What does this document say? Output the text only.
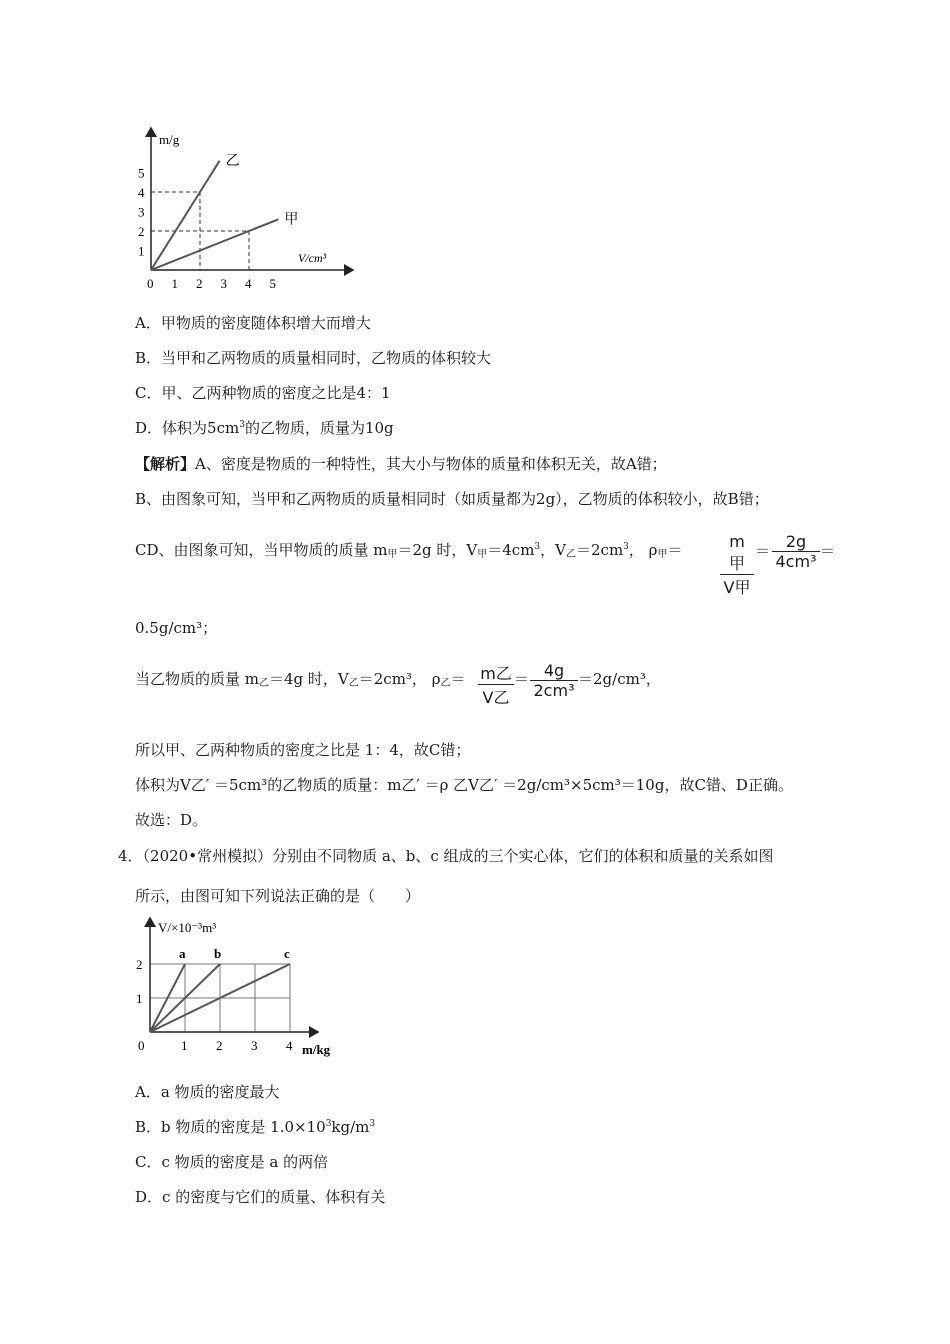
乙
甲
0 1 2 3 4 5
1
2
3
4
5
m/g
V/cm³
A．甲物质的密度随体积增大而增大
B．当甲和乙两物质的质量相同时，乙物质的体积较大
C．甲、乙两种物质的密度之比是4：1
D．体积为$5cm^3$的乙物质，质量为10g
【解析】A、密度是物质的一种特性，其大小与物体的质量和体积无关，故A错；
B、由图象可知，当甲和乙两物质的质量相同时（如质量都为2g），乙物质的体积较小，故B错；
CD、由图象可知，当甲物质的质量 $m_甲=2g$ 时，$V_甲=4cm^3$，$V_乙=2cm^3$， $\rho_甲=$	m甲
V甲
＝ $\frac{2g}{\text{4cm³}}$ ＝
0.5g/cm³；
当乙物质的质量 $m_乙=4g$ 时，$V_乙=2cm^3$， $\rho_乙= m$乙
V乙
＝ $\frac{4g}{\text{2cm³}} =2g/cm^3$，
所以甲、乙两种物质的密度之比是 1：4，故C错；
体积为V乙′ ＝5cm³的乙物质的质量：m乙′ ＝ρ 乙V乙′ ＝2g/cm³×5cm³＝10g，故C错、D正确。
故选：D。
4．（2020•常州模拟）分别由不同物质 a、b、c 组成的三个实心体，它们的体积和质量的关系如图
所示，由图可知下列说法正确的是（　　）
a b	c
0	1 2 3 4
1
2
V/×10⁻³m³
m/kg
A．a 物质的密度最大
B．b 物质的密度是 $1.0\times 10^3kg/m^3$
C．c 物质的密度是 a 的两倍
D．c 的密度与它们的质量、体积有关
